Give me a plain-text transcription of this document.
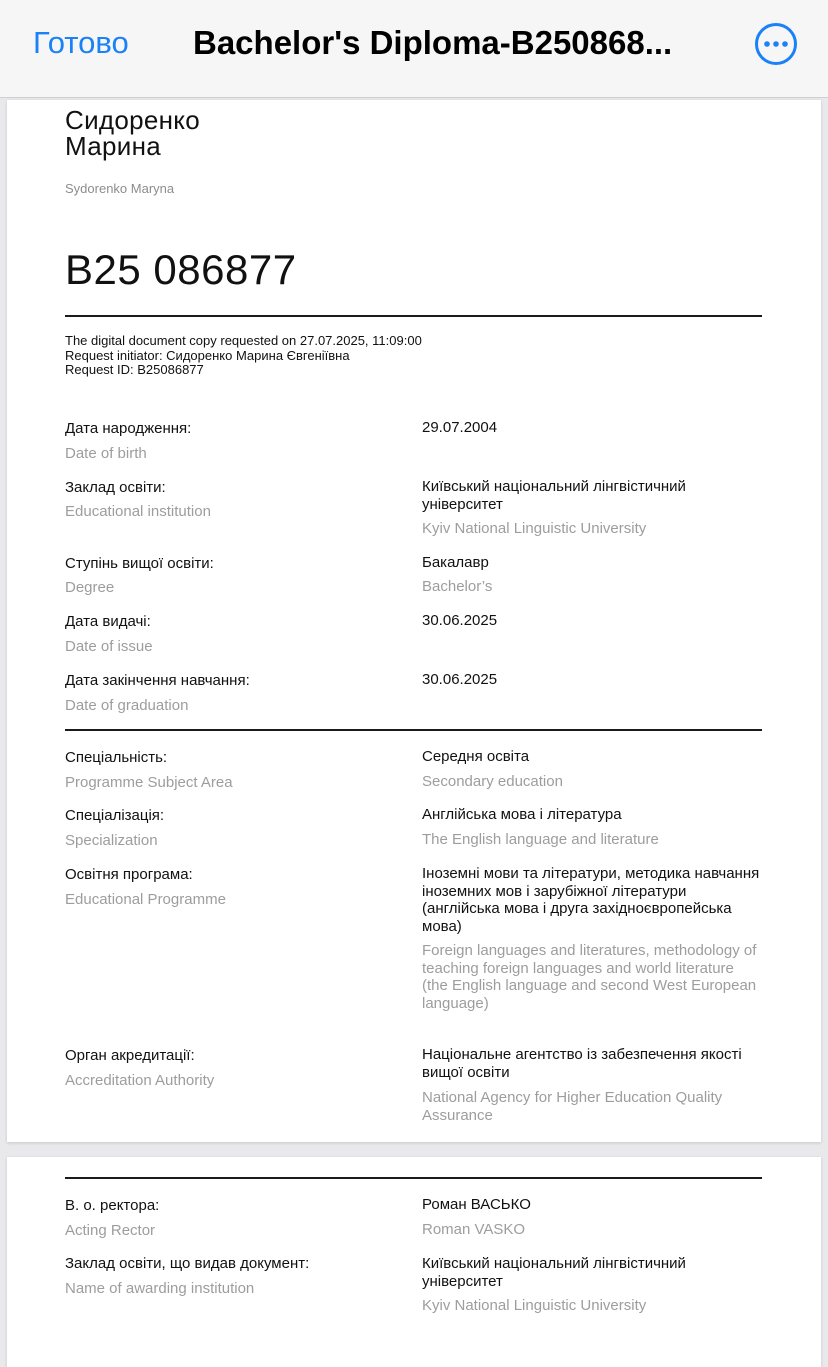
Готово Bachelor's Diploma-B250868...
Сидоренко
Марина
Sydorenko Maryna
B25 086877
The digital document copy requested on 27.07.2025, 11:09:00
Request initiator: Сидоренко Марина Євгеніївна
Request ID: B25086877
Дата народження:
Date of birth
29.07.2004
Заклад освіти:
Educational institution
Київський національний лінгвістичний університет
Kyiv National Linguistic University
Ступінь вищої освіти:
Degree
Бакалавр
Bachelor’s
Дата видачі:
Date of issue
30.06.2025
Дата закінчення навчання:
Date of graduation
30.06.2025
Спеціальність:
Programme Subject Area
Середня освіта
Secondary education
Спеціалізація:
Specialization
Англійська мова і література
The English language and literature
Освітня програма:
Educational Programme
Іноземні мови та літератури, методика навчання іноземних мов і зарубіжної літератури (англійська мова і друга західноєвропейська мова)
Foreign languages and literatures, methodology of teaching foreign languages and world literature (the English language and second West European language)
Орган акредитації:
Accreditation Authority
Національне агентство із забезпечення якості вищої освіти
National Agency for Higher Education Quality Assurance
В. о. ректора:
Acting Rector
Роман ВАСЬКО
Roman VASKO
Заклад освіти, що видав документ:
Name of awarding institution
Київський національний лінгвістичний університет
Kyiv National Linguistic University
